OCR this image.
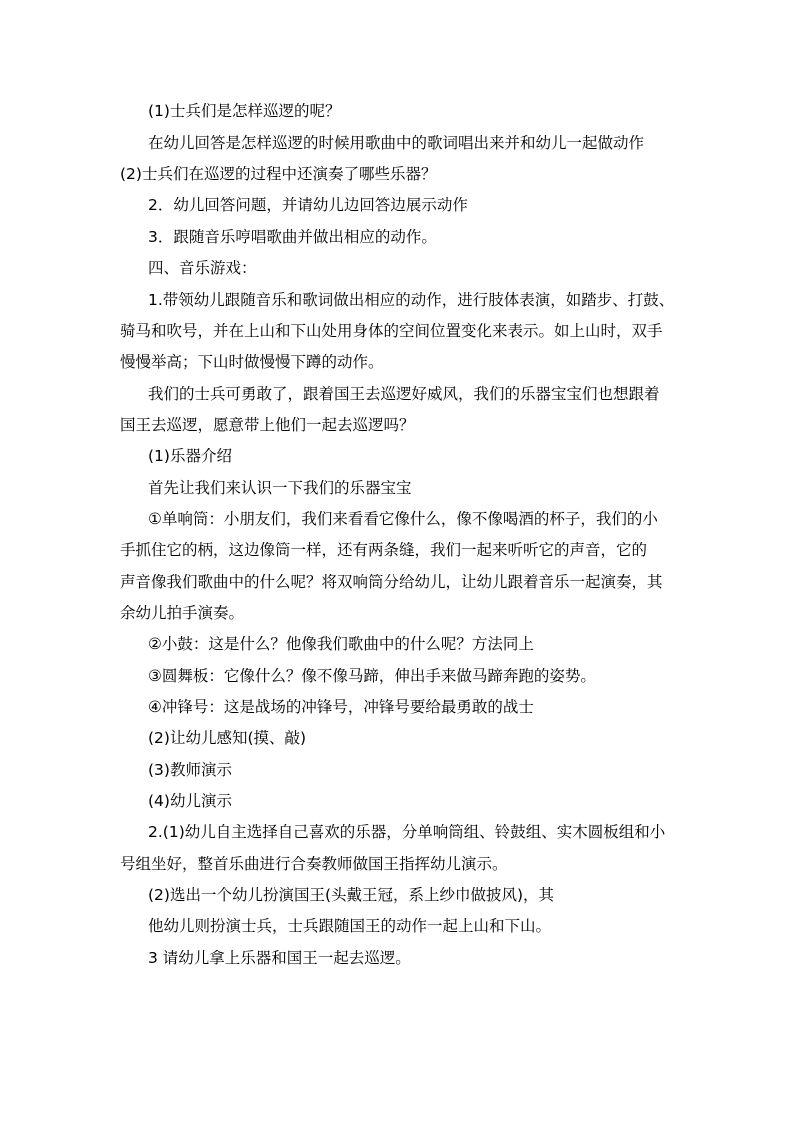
(1)士兵们是怎样巡逻的呢？
在幼儿回答是怎样巡逻的时候用歌曲中的歌词唱出来并和幼儿一起做动作
(2)士兵们在巡逻的过程中还演奏了哪些乐器？
2．幼儿回答问题，并请幼儿边回答边展示动作
3．跟随音乐哼唱歌曲并做出相应的动作。
四、音乐游戏：
1.带领幼儿跟随音乐和歌词做出相应的动作，进行肢体表演，如踏步、打鼓、
骑马和吹号，并在上山和下山处用身体的空间位置变化来表示。如上山时，双手
慢慢举高；下山时做慢慢下蹲的动作。
我们的士兵可勇敢了，跟着国王去巡逻好威风，我们的乐器宝宝们也想跟着
国王去巡逻，愿意带上他们一起去巡逻吗？
(1)乐器介绍
首先让我们来认识一下我们的乐器宝宝
①单响筒：小朋友们，我们来看看它像什么，像不像喝酒的杯子，我们的小
手抓住它的柄，这边像筒一样，还有两条缝，我们一起来听听它的声音，它的
声音像我们歌曲中的什么呢？将双响筒分给幼儿，让幼儿跟着音乐一起演奏，其
余幼儿拍手演奏。
②小鼓：这是什么？他像我们歌曲中的什么呢？方法同上
③圆舞板：它像什么？像不像马蹄，伸出手来做马蹄奔跑的姿势。
④冲锋号：这是战场的冲锋号，冲锋号要给最勇敢的战士
(2)让幼儿感知(摸、敲)
(3)教师演示
(4)幼儿演示
2.(1)幼儿自主选择自己喜欢的乐器，分单响筒组、铃鼓组、实木圆板组和小
号组坐好，整首乐曲进行合奏教师做国王指挥幼儿演示。
(2)选出一个幼儿扮演国王(头戴王冠，系上纱巾做披风)，其
他幼儿则扮演士兵，士兵跟随国王的动作一起上山和下山。
3 请幼儿拿上乐器和国王一起去巡逻。
